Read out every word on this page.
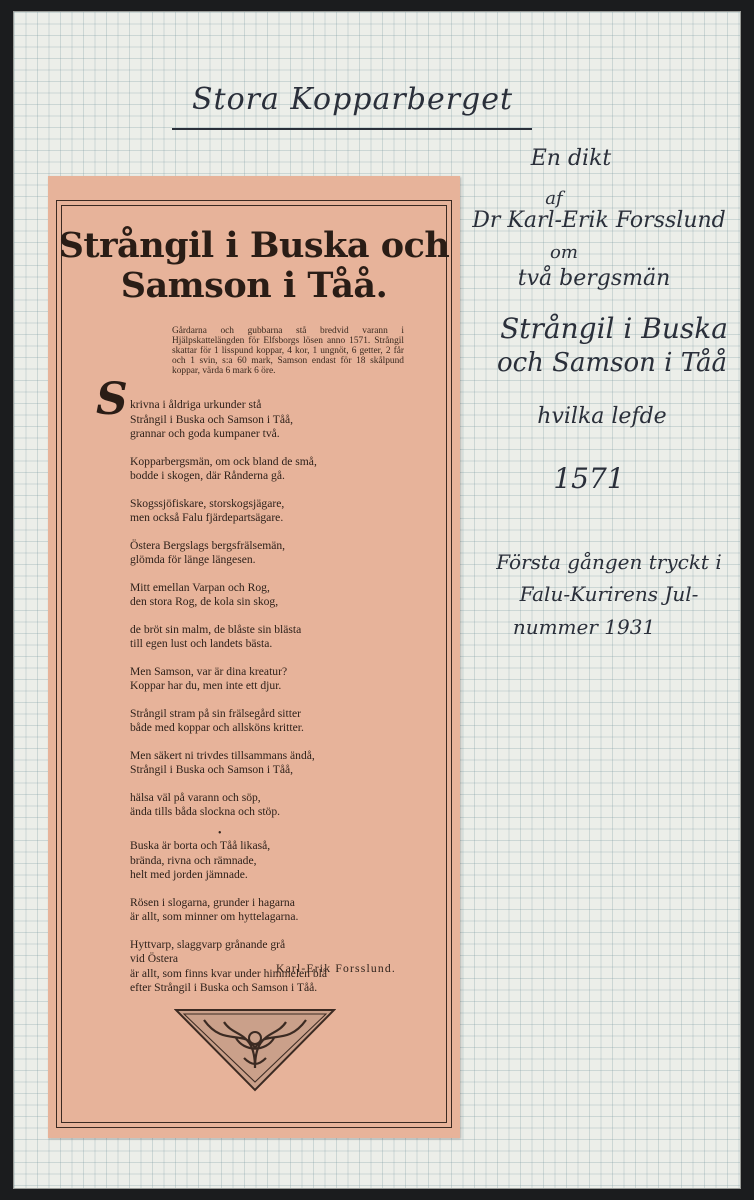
Stora Kopparberget
En dikt
af
Dr Karl-Erik Forsslund
om
två bergsmän
Strångil i Buska
och Samson i Tåå
hvilka lefde
1571
Första gången tryckt i
Falu-Kurirens Jul-
nummer 1931
Strångil i Buska och
Samson i Tåå.
Gårdarna och gubbarna stå bredvid varann i Hjälpskattelängden för Elfsborgs lösen anno 1571. Strångil skattar för 1 lisspund koppar, 4 kor, 1 ungnöt, 6 getter, 2 får och 1 svin, s:a 60 mark, Samson endast för 18 skålpund koppar, värda 6 mark 6 öre.
S krivna i åldriga urkunder stå
Strångil i Buska och Samson i Tåå,
grannar och goda kumpaner två.
Kopparbergsmän, om ock bland de små,
bodde i skogen, där Rånderna gå.
Skogssjöfiskare, storskogsjägare,
men också Falu fjärdepartsägare.
Östera Bergslags bergsfrälsemän,
glömda för länge längesen.
Mitt emellan Varpan och Rog,
den stora Rog, de kola sin skog,
de bröt sin malm, de blåste sin blästa
till egen lust och landets bästa.
Men Samson, var är dina kreatur?
Koppar har du, men inte ett djur.
Strångil stram på sin frälsegård sitter
både med koppar och allsköns kritter.
Men säkert ni trivdes tillsammans ändå,
Strångil i Buska och Samson i Tåå,
hälsa väl på varann och söp,
ända tills båda slockna och stöp.
•
Buska är borta och Tåå likaså,
brända, rivna och rämnade,
helt med jorden jämnade.
Rösen i slogarna, grunder i hagarna
är allt, som minner om hyttelagarna.
Hyttvarp, slaggvarp grånande grå
vid Östera
är allt, som finns kvar under himmelen blå
efter Strångil i Buska och Samson i Tåå.
Karl-Erik Forsslund.
